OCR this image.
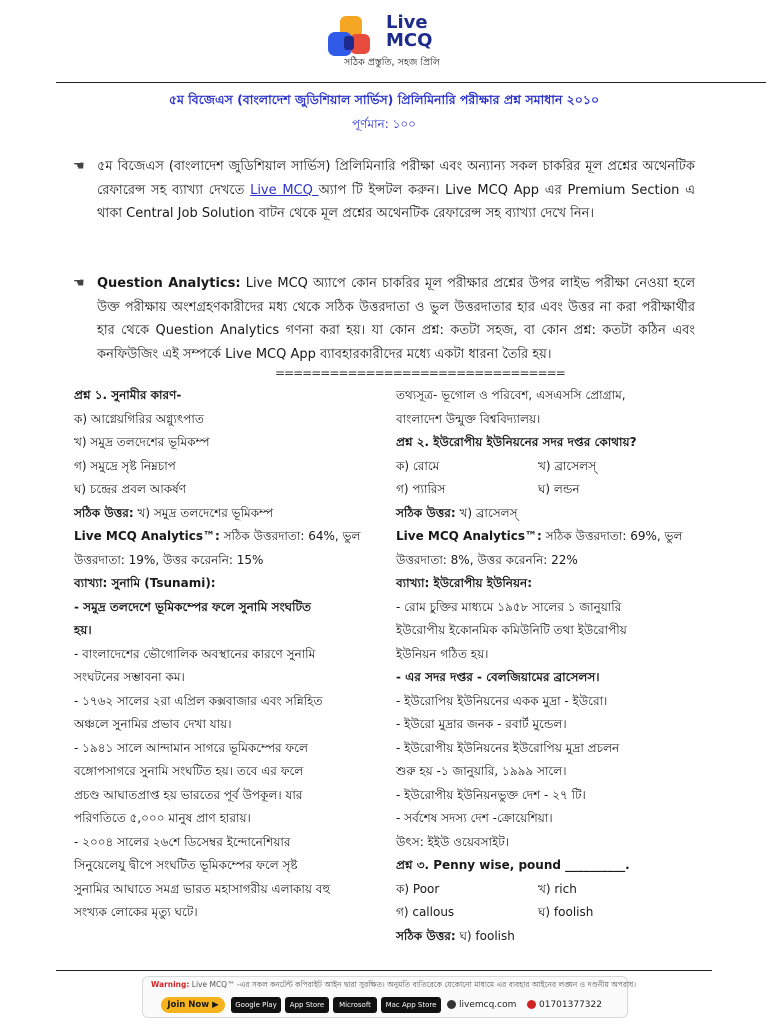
Live
MCQ
সঠিক প্রস্তুতি, সহজ প্রিলি
৫ম বিজেএস (বাংলাদেশ জুডিশিয়াল সার্ভিস) প্রিলিমিনারি পরীক্ষার প্রশ্ন সমাধান ২০১০
পূর্ণমান: ১০০
☚ ৫ম বিজেএস (বাংলাদেশ জুডিশিয়াল সার্ভিস) প্রিলিমিনারি পরীক্ষা এবং অন্যান্য সকল চাকরির মূল প্রশ্নের অথেনটিক রেফারেন্স সহ ব্যাখ্যা দেখতে Live MCQ অ্যাপ টি ইন্সটল করুন। Live MCQ App এর Premium Section এ থাকা Central Job Solution বাটন থেকে মূল প্রশ্নের অথেনটিক রেফারেন্স সহ ব্যাখ্যা দেখে নিন।
☚ Question Analytics: Live MCQ অ্যাপে কোন চাকরির মূল পরীক্ষার প্রশ্নের উপর লাইভ পরীক্ষা নেওয়া হলে উক্ত পরীক্ষায় অংশগ্রহণকারীদের মধ্য থেকে সঠিক উত্তরদাতা ও ভুল উত্তরদাতার হার এবং উত্তর না করা পরীক্ষার্থীর হার থেকে Question Analytics গণনা করা হয়। যা কোন প্রশ্ন: কতটা সহজ, বা কোন প্রশ্ন: কতটা কঠিন এবং কনফিউজিং এই সম্পর্কে Live MCQ App ব্যাবহারকারীদের মধ্যে একটা ধারনা তৈরি হয়।
================================
প্রশ্ন ১. সুনামীর কারণ-
ক) আগ্নেয়গিরির অগ্ন্যুৎপাত
খ) সমুদ্র তলদেশের ভূমিকম্প
গ) সমুদ্রে সৃষ্ট নিম্নচাপ
ঘ) চন্দ্রের প্রবল আকর্ষণ
সঠিক উত্তর: খ) সমুদ্র তলদেশের ভূমিকম্প
Live MCQ Analytics™: সঠিক উত্তরদাতা: 64%, ভুল
উত্তরদাতা: 19%, উত্তর করেননি: 15%
ব্যাখ্যা: সুনামি (Tsunami):
- সমুদ্র তলদেশে ভূমিকম্পের ফলে সুনামি সংঘটিত
হয়।
- বাংলাদেশের ভৌগোলিক অবস্থানের কারণে সুনামি
সংঘটনের সম্ভাবনা কম।
- ১৭৬২ সালের ২রা এপ্রিল কক্সবাজার এবং সন্নিহিত
অঞ্চলে সুনামির প্রভাব দেখা যায়।
- ১৯৪১ সালে আন্দামান সাগরে ভূমিকম্পের ফলে
বঙ্গোপসাগরে সুনামি সংঘটিত হয়। তবে এর ফলে
প্রচণ্ড আঘাতপ্রাপ্ত হয় ভারতের পূর্ব উপকূল। যার
পরিণতিতে ৫,০০০ মানুষ প্রাণ হারায়।
- ২০০৪ সালের ২৬শে ডিসেম্বর ইন্দোনেশিয়ার
সিনুয়েলেযু দ্বীপে সংঘটিত ভূমিকম্পের ফলে সৃষ্ট
সুনামির আঘাতে সমগ্র ভারত মহাসাগরীয় এলাকায় বহু
সংখ্যক লোকের মৃত্যু ঘটে।
তথ্যসূত্র- ভূগোল ও পরিবেশ, এসএসসি প্রোগ্রাম,
বাংলাদেশ উন্মুক্ত বিশ্ববিদ্যালয়।
প্রশ্ন ২. ইউরোপীয় ইউনিয়নের সদর দপ্তর কোথায়?
ক) রোমে	খ) ব্রাসেলস্
গ) প্যারিস	ঘ) লন্ডন
সঠিক উত্তর: খ) ব্রাসেলস্
Live MCQ Analytics™: সঠিক উত্তরদাতা: 69%, ভুল
উত্তরদাতা: 8%, উত্তর করেননি: 22%
ব্যাখ্যা: ইউরোপীয় ইউনিয়ন:
- রোম চুক্তির মাধ্যমে ১৯৫৮ সালের ১ জানুয়ারি
ইউরোপীয় ইকোনমিক কমিউনিটি তথা ইউরোপীয়
ইউনিয়ন গঠিত হয়।
- এর সদর দপ্তর - বেলজিয়ামের ব্রাসেলস।
- ইউরোপিয় ইউনিয়নের একক মুদ্রা - ইউরো।
- ইউরো মুদ্রার জনক - রবার্ট মুন্ডেল।
- ইউরোপীয় ইউনিয়নের ইউরোপিয় মুদ্রা প্রচলন
শুরু হয় -১ জানুয়ারি, ১৯৯৯ সালে।
- ইউরোপীয় ইউনিয়নভুক্ত দেশ - ২৭ টি।
- সর্বশেষ সদস্য দেশ -ক্রোয়েশিয়া।
উৎস: ইইউ ওয়েবসাইট।
প্রশ্ন ৩. Penny wise, pound __________.
ক) Poor	খ) rich
গ) callous	ঘ) foolish
সঠিক উত্তর: ঘ) foolish
Warning: Live MCQ™ -এর সকল কনটেন্ট কপিরাইট আইন দ্বারা সুরক্ষিত। অনুমতি ব্যতিরেকে যেকোনো মাধ্যমে এর ব্যবহার আইনের লঙ্ঘন ও দণ্ডনীয় অপরাধ।
Join Now ▶	Google Play	App Store	Microsoft	Mac App Store	livemcq.com	01701377322
